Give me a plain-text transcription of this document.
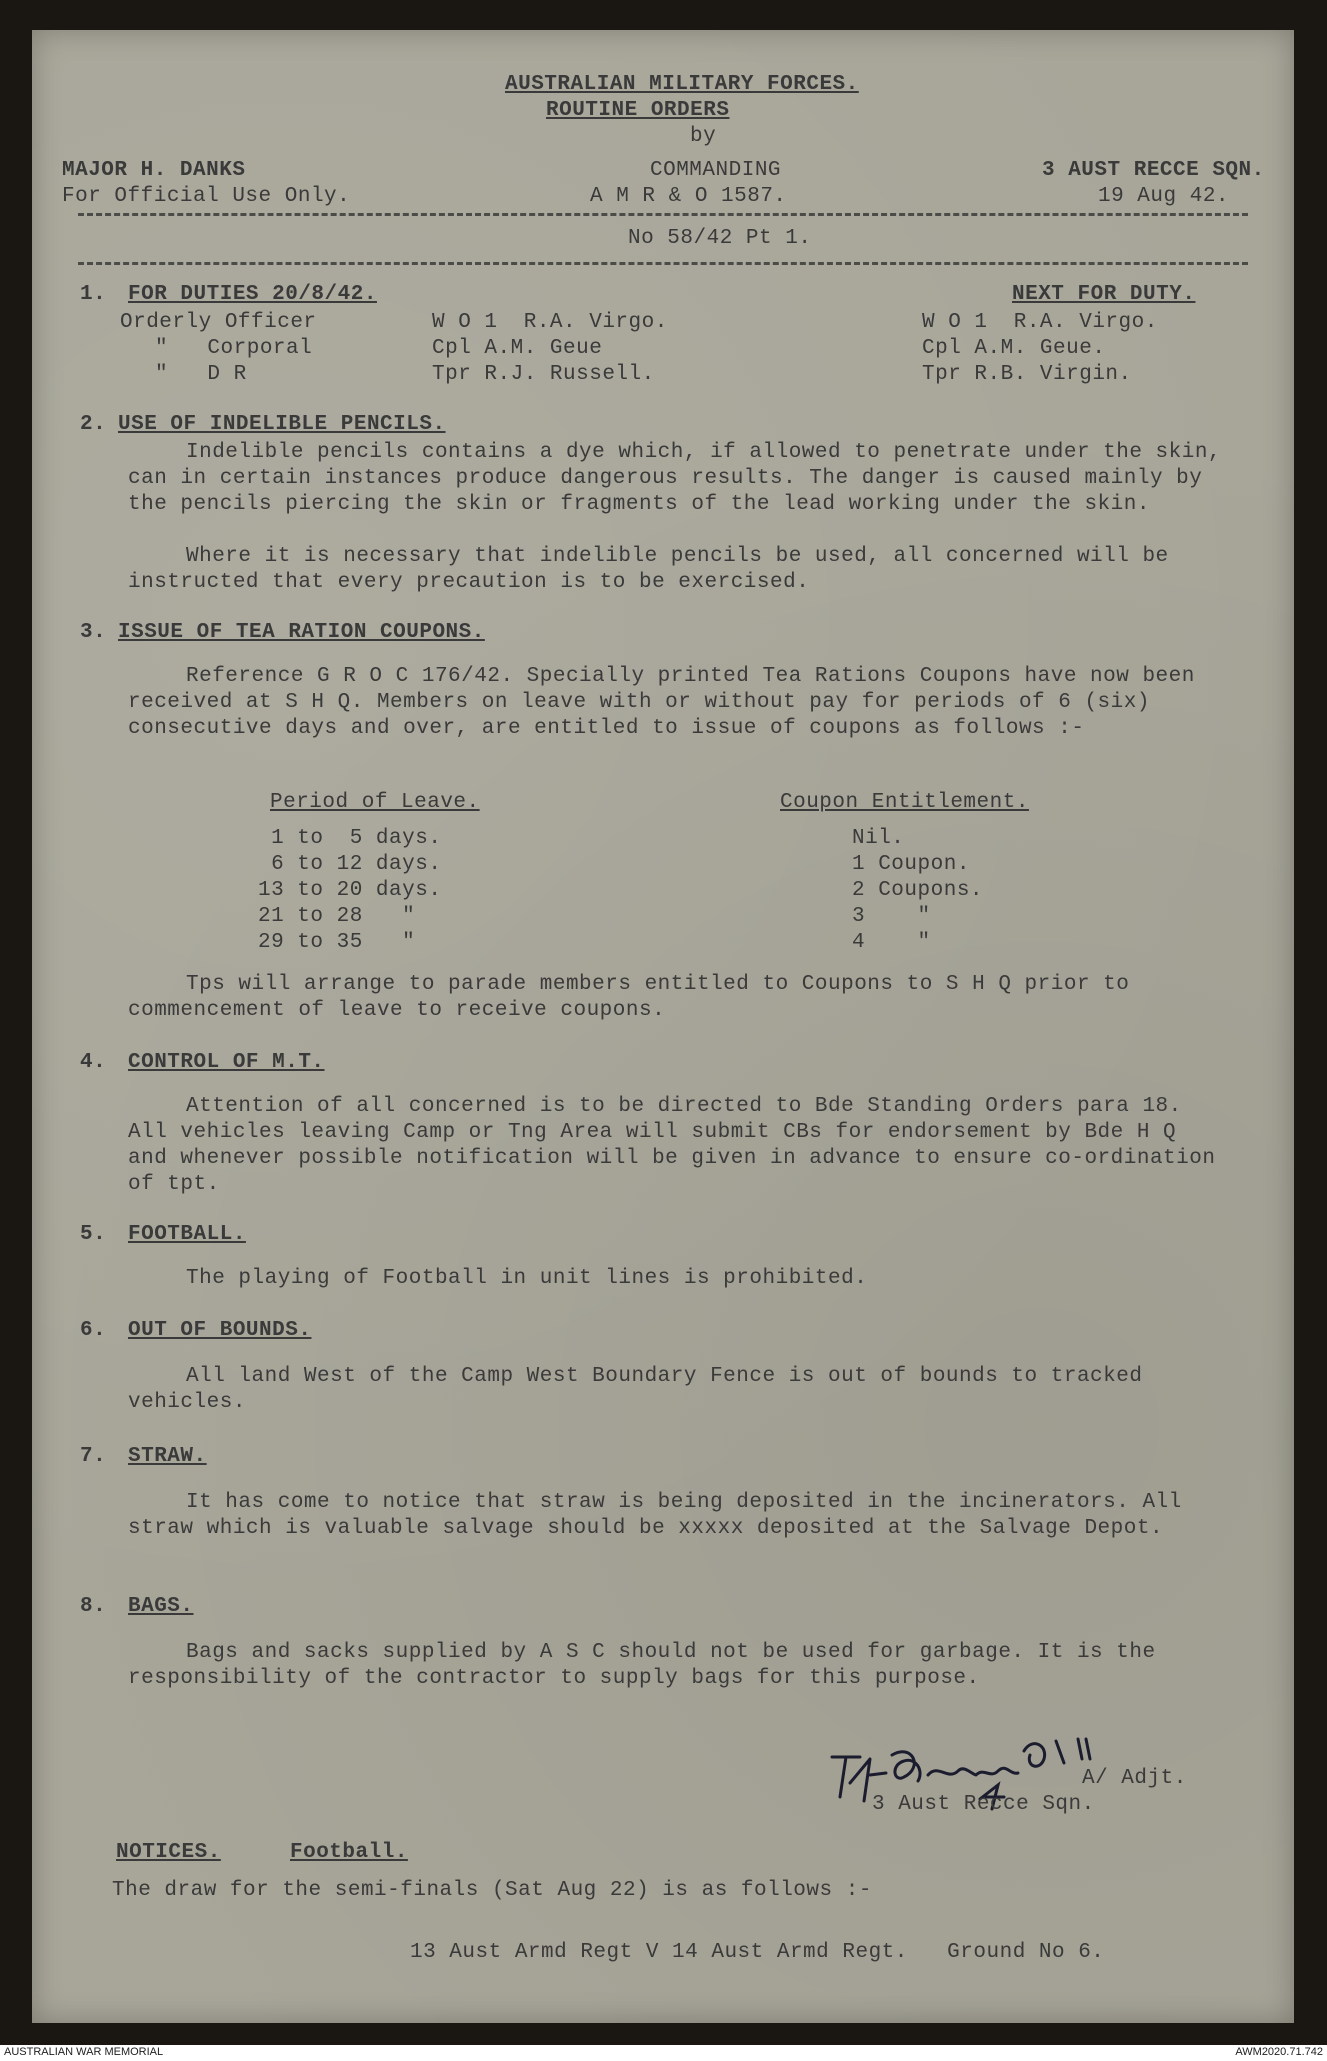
AUSTRALIAN MILITARY FORCES.
ROUTINE ORDERS
by
MAJOR H. DANKS
For Official Use Only.
COMMANDING
A M R & O 1587.
3 AUST RECCE SQN.
19 Aug 42.
No 58/42 Pt 1.
1. FOR DUTIES 20/8/42.	NEXT FOR DUTY.
Orderly Officer	W O 1  R.A. Virgo.	W O 1  R.A. Virgo.
"   Corporal	Cpl A.M. Geue	Cpl A.M. Geue.
"   D R	Tpr R.J. Russell.	Tpr R.B. Virgin.
2. USE OF INDELIBLE PENCILS.
Indelible pencils contains a dye which, if allowed to penetrate under the skin, can in certain instances produce dangerous results. The danger is caused mainly by the pencils piercing the skin or fragments of the lead working under the skin.
Where it is necessary that indelible pencils be used, all concerned will be instructed that every precaution is to be exercised.
3. ISSUE OF TEA RATION COUPONS.
Reference G R O C 176/42. Specially printed Tea Rations Coupons have now been received at S H Q. Members on leave with or without pay for periods of 6 (six) consecutive days and over, are entitled to issue of coupons as follows :-
Period of Leave.	Coupon Entitlement.
1 to  5 days.	Nil.
6 to 12 days.	1 Coupon.
13 to 20 days.	2 Coupons.
21 to 28   "	3    "
29 to 35   "	4    "
Tps will arrange to parade members entitled to Coupons to S H Q prior to commencement of leave to receive coupons.
4. CONTROL OF M.T.
Attention of all concerned is to be directed to Bde Standing Orders para 18. All vehicles leaving Camp or Tng Area will submit CBs for endorsement by Bde H Q and whenever possible notification will be given in advance to ensure co-ordination of tpt.
5. FOOTBALL.
The playing of Football in unit lines is prohibited.
6. OUT OF BOUNDS.
All land West of the Camp West Boundary Fence is out of bounds to tracked vehicles.
7. STRAW.
It has come to notice that straw is being deposited in the incinerators. All straw which is valuable salvage should be xxxxx deposited at the Salvage Depot.
8. BAGS.
Bags and sacks supplied by A S C should not be used for garbage. It is the responsibility of the contractor to supply bags for this purpose.
A/ Adjt.
3 Aust Recce Sqn.
NOTICES.	Football.
The draw for the semi-finals (Sat Aug 22) is as follows :-
13 Aust Armd Regt V 14 Aust Armd Regt.   Ground No 6.
AUSTRALIAN WAR MEMORIAL	AWM2020.71.742
